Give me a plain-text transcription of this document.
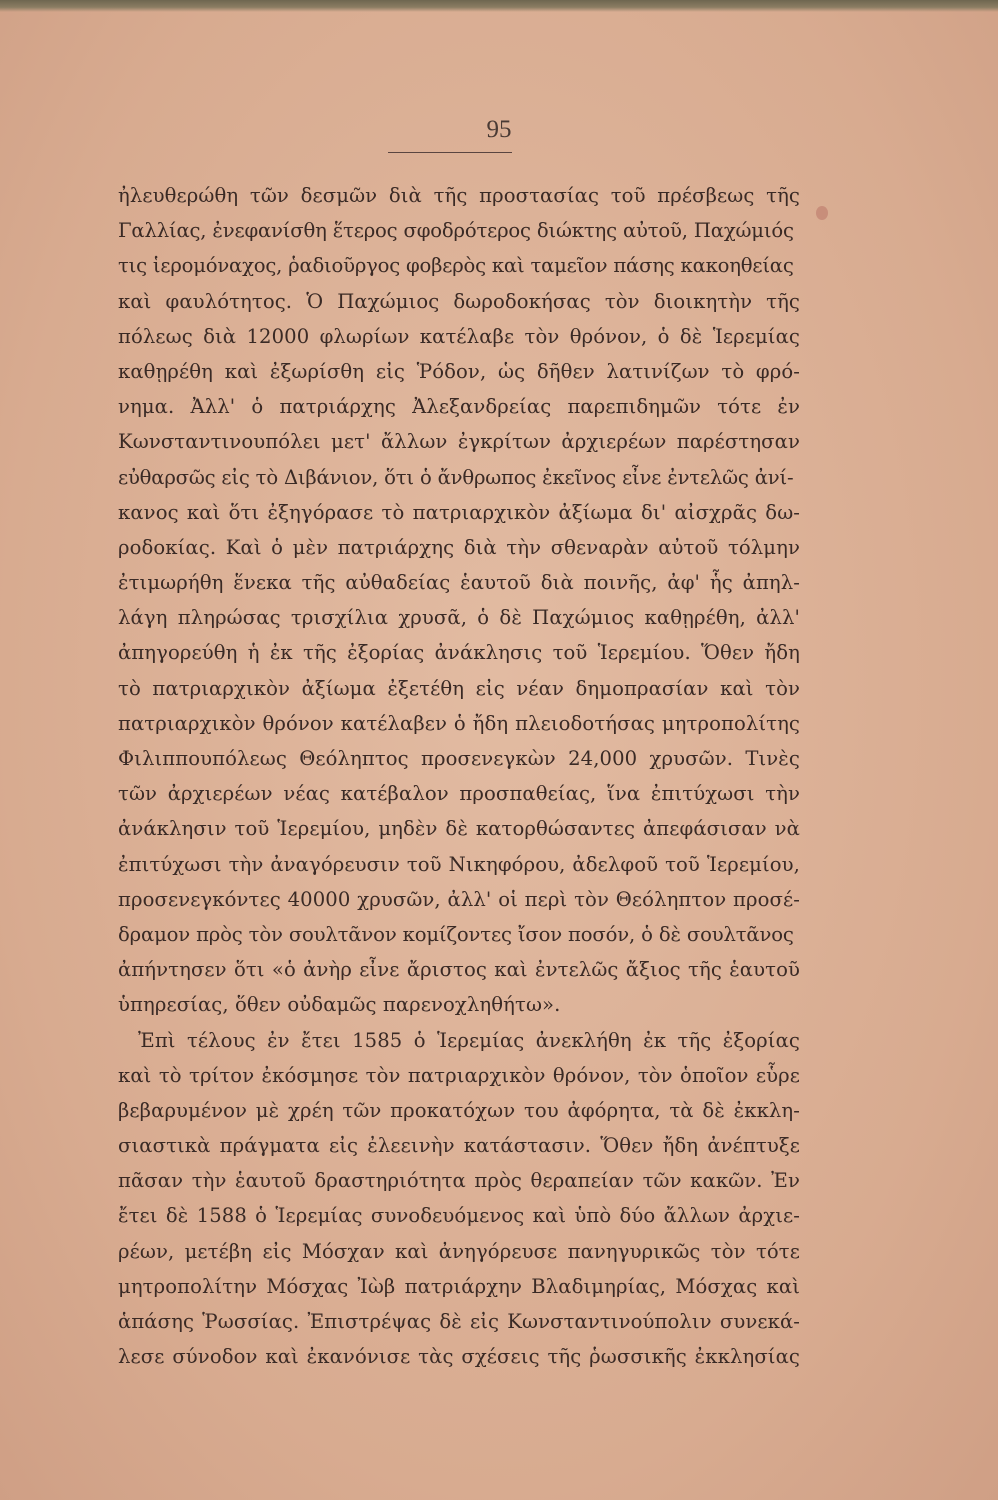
95
ἠλευθερώθη τῶν δεσμῶν διὰ τῆς προστασίας τοῦ πρέσβεως τῆς
Γαλλίας, ἐνεφανίσθη ἕτερος σφοδρότερος διώκτης αὐτοῦ, Παχώμιός
τις ἱερομόναχος, ῥαδιοῦργος φοβερὸς καὶ ταμεῖον πάσης κακοηθείας
καὶ φαυλότητος. Ὁ Παχώμιος δωροδοκήσας τὸν διοικητὴν τῆς
πόλεως διὰ 12000 φλωρίων κατέλαβε τὸν θρόνον, ὁ δὲ Ἱερεμίας
καθῃρέθη καὶ ἐξωρίσθη εἰς Ῥόδον, ὡς δῆθεν λατινίζων τὸ φρό-
νημα. Ἀλλ' ὁ πατριάρχης Ἀλεξανδρείας παρεπιδημῶν τότε ἐν
Κωνσταντινουπόλει μετ' ἄλλων ἐγκρίτων ἀρχιερέων παρέστησαν
εὐθαρσῶς εἰς τὸ Διβάνιον, ὅτι ὁ ἄνθρωπος ἐκεῖνος εἶνε ἐντελῶς ἀνί-
κανος καὶ ὅτι ἐξηγόρασε τὸ πατριαρχικὸν ἀξίωμα δι' αἰσχρᾶς δω-
ροδοκίας. Καὶ ὁ μὲν πατριάρχης διὰ τὴν σθεναρὰν αὐτοῦ τόλμην
ἐτιμωρήθη ἕνεκα τῆς αὐθαδείας ἑαυτοῦ διὰ ποινῆς, ἀφ' ἧς ἀπηλ-
λάγη πληρώσας τρισχίλια χρυσᾶ, ὁ δὲ Παχώμιος καθῃρέθη, ἀλλ'
ἀπηγορεύθη ἡ ἐκ τῆς ἐξορίας ἀνάκλησις τοῦ Ἱερεμίου. Ὅθεν ἤδη
τὸ πατριαρχικὸν ἀξίωμα ἐξετέθη εἰς νέαν δημοπρασίαν καὶ τὸν
πατριαρχικὸν θρόνον κατέλαβεν ὁ ἤδη πλειοδοτήσας μητροπολίτης
Φιλιππουπόλεως Θεόληπτος προσενεγκὼν 24,000 χρυσῶν. Τινὲς
τῶν ἀρχιερέων νέας κατέβαλον προσπαθείας, ἵνα ἐπιτύχωσι τὴν
ἀνάκλησιν τοῦ Ἱερεμίου, μηδὲν δὲ κατορθώσαντες ἀπεφάσισαν νὰ
ἐπιτύχωσι τὴν ἀναγόρευσιν τοῦ Νικηφόρου, ἀδελφοῦ τοῦ Ἱερεμίου,
προσενεγκόντες 40000 χρυσῶν, ἀλλ' οἱ περὶ τὸν Θεόληπτον προσέ-
δραμον πρὸς τὸν σουλτᾶνον κομίζοντες ἴσον ποσόν, ὁ δὲ σουλτᾶνος
ἀπήντησεν ὅτι «ὁ ἀνὴρ εἶνε ἄριστος καὶ ἐντελῶς ἄξιος τῆς ἑαυτοῦ
ὑπηρεσίας, ὅθεν οὐδαμῶς παρενοχληθήτω».
Ἐπὶ τέλους ἐν ἔτει 1585 ὁ Ἱερεμίας ἀνεκλήθη ἐκ τῆς ἐξορίας
καὶ τὸ τρίτον ἐκόσμησε τὸν πατριαρχικὸν θρόνον, τὸν ὁποῖον εὗρε
βεβαρυμένον μὲ χρέη τῶν προκατόχων του ἀφόρητα, τὰ δὲ ἐκκλη-
σιαστικὰ πράγματα εἰς ἐλεεινὴν κατάστασιν. Ὅθεν ἤδη ἀνέπτυξε
πᾶσαν τὴν ἑαυτοῦ δραστηριότητα πρὸς θεραπείαν τῶν κακῶν. Ἐν
ἔτει δὲ 1588 ὁ Ἱερεμίας συνοδευόμενος καὶ ὑπὸ δύο ἄλλων ἀρχιε-
ρέων, μετέβη εἰς Μόσχαν καὶ ἀνηγόρευσε πανηγυρικῶς τὸν τότε
μητροπολίτην Μόσχας Ἰὼβ πατριάρχην Βλαδιμηρίας, Μόσχας καὶ
ἁπάσης Ῥωσσίας. Ἐπιστρέψας δὲ εἰς Κωνσταντινούπολιν συνεκά-
λεσε σύνοδον καὶ ἐκανόνισε τὰς σχέσεις τῆς ῥωσσικῆς ἐκκλησίας
